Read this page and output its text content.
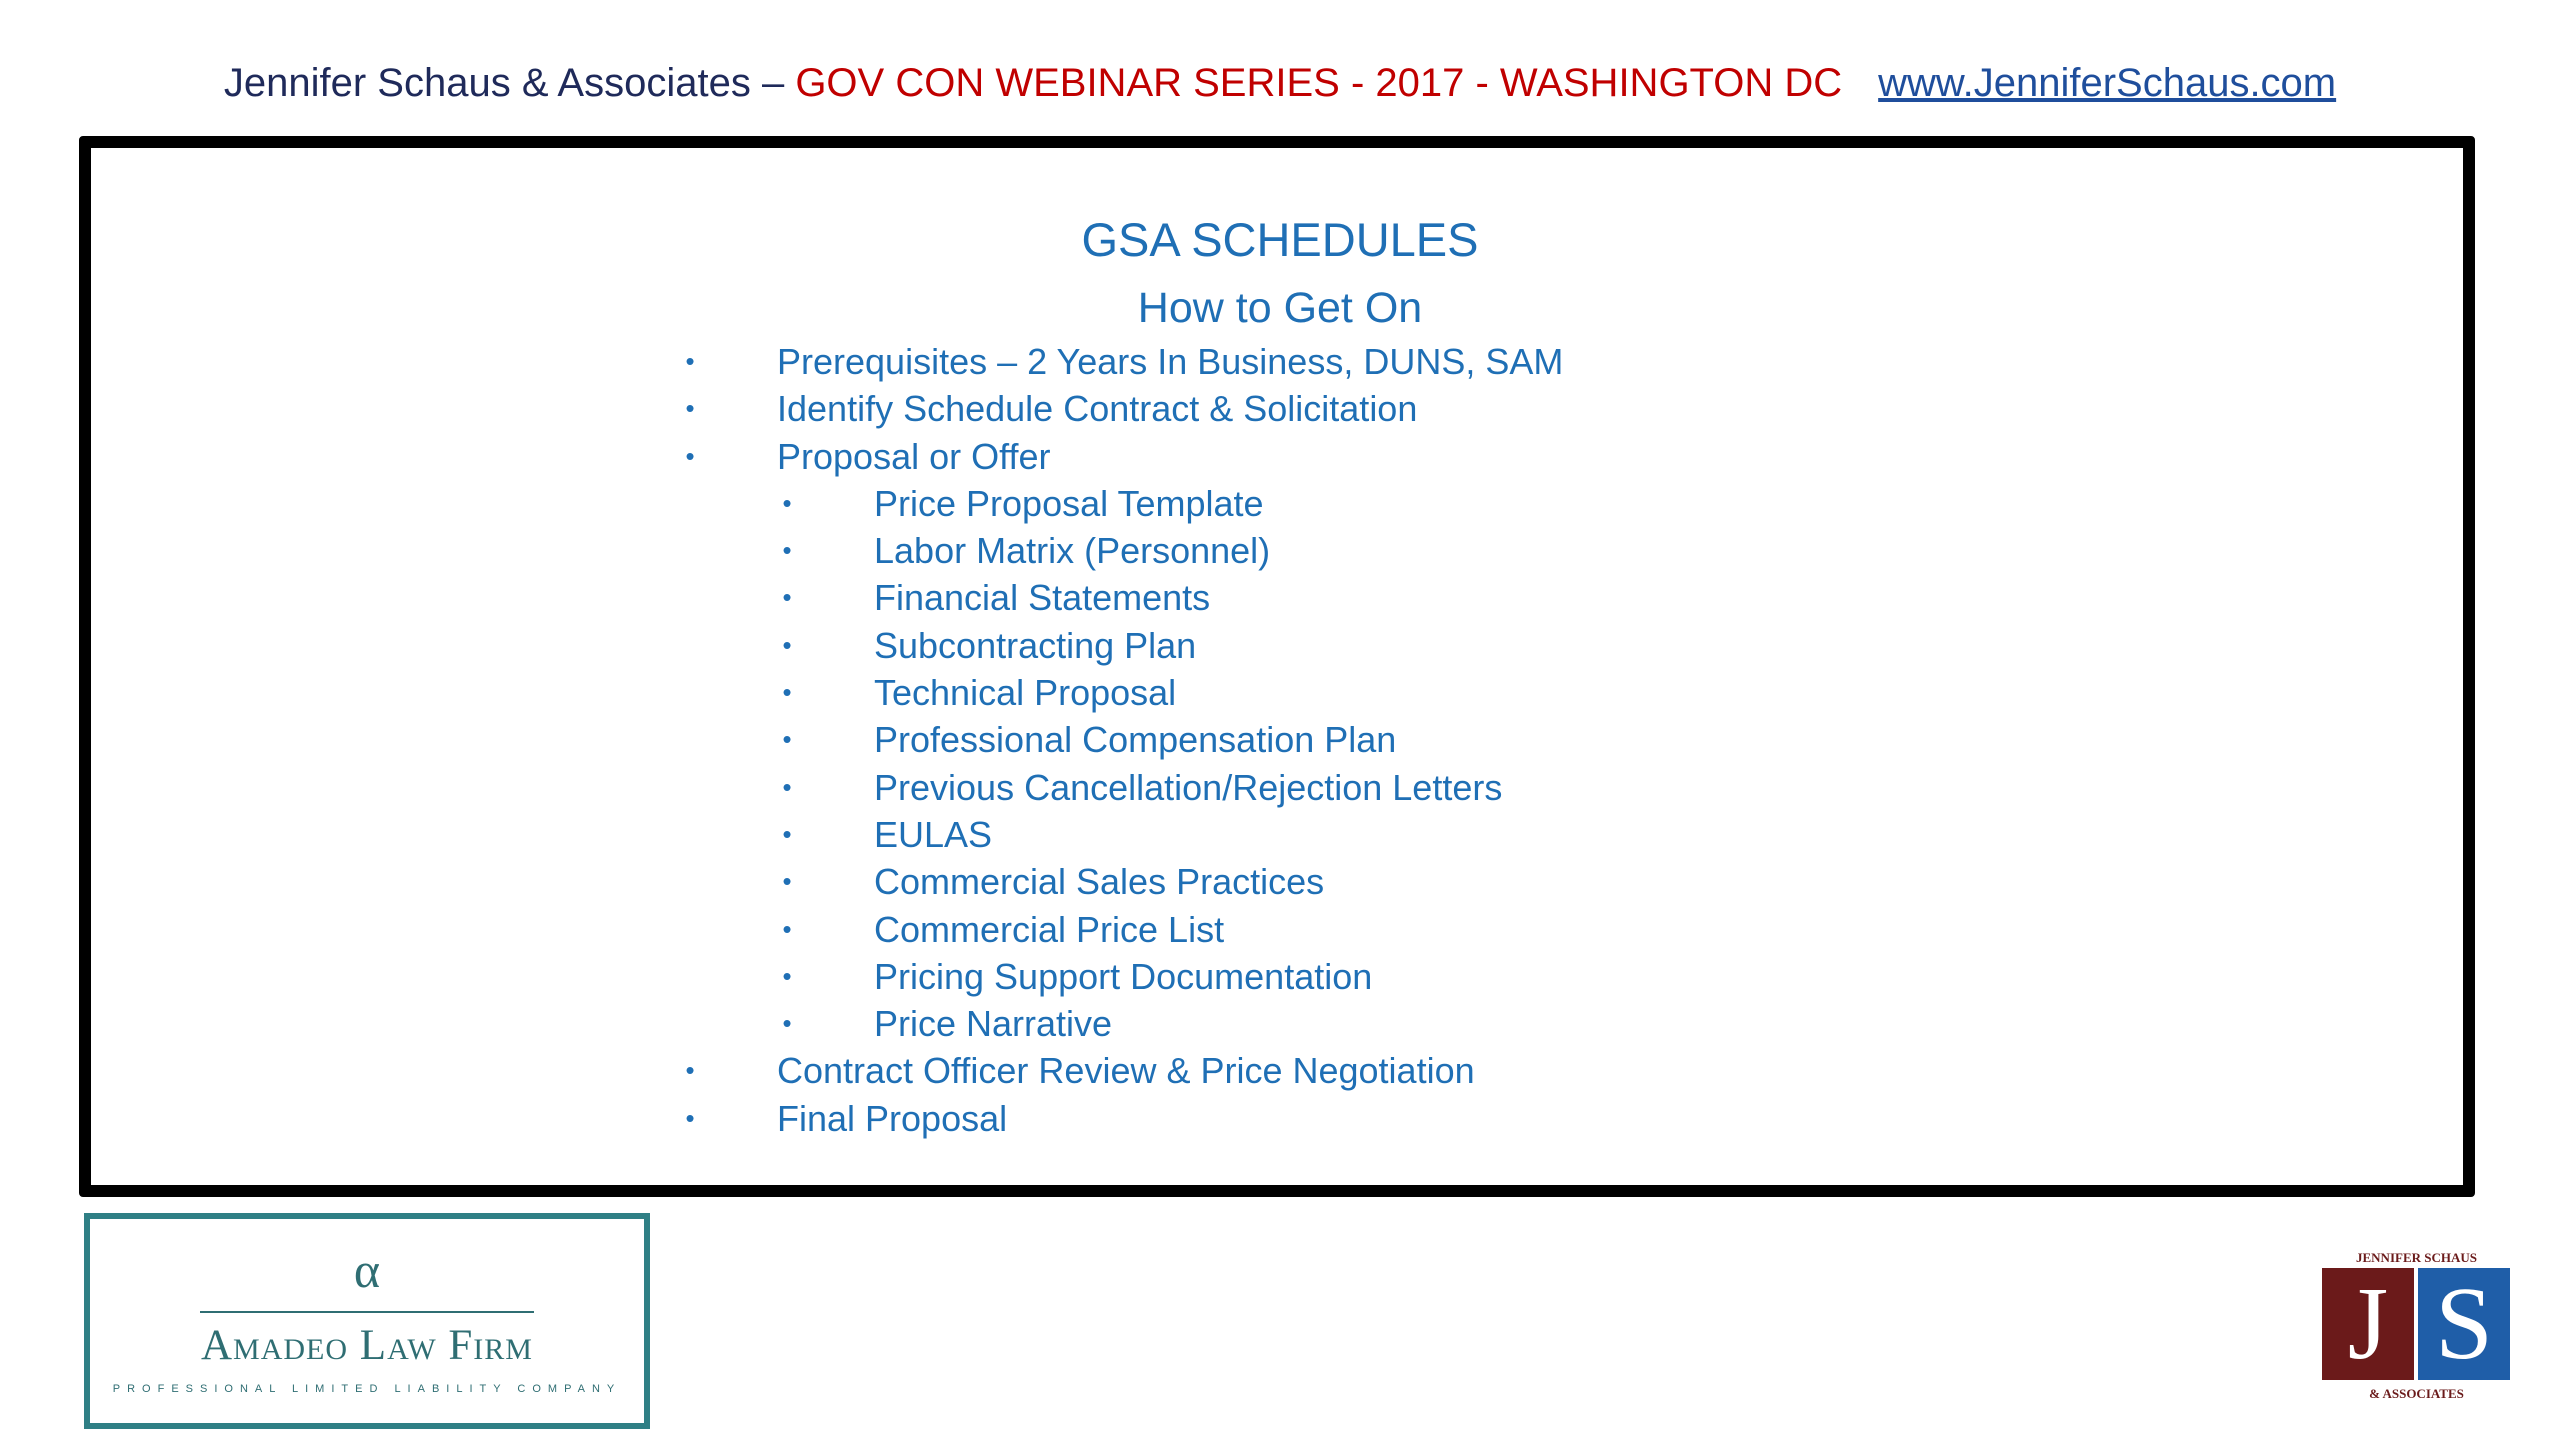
Jennifer Schaus & Associates – GOV CON WEBINAR SERIES - 2017 - WASHINGTON DC www.JenniferSchaus.com
GSA SCHEDULES
How to Get On
• Prerequisites – 2 Years In Business, DUNS, SAM
• Identify Schedule Contract & Solicitation
• Proposal or Offer
• Price Proposal Template
• Labor Matrix (Personnel)
• Financial Statements
• Subcontracting Plan
• Technical Proposal
• Professional Compensation Plan
• Previous Cancellation/Rejection Letters
• EULAS
• Commercial Sales Practices
• Commercial Price List
• Pricing Support Documentation
• Price Narrative
• Contract Officer Review & Price Negotiation
• Final Proposal
α
Amadeo Law Firm
PROFESSIONAL LIMITED LIABILITY COMPANY
JENNIFER SCHAUS
J S
& ASSOCIATES
